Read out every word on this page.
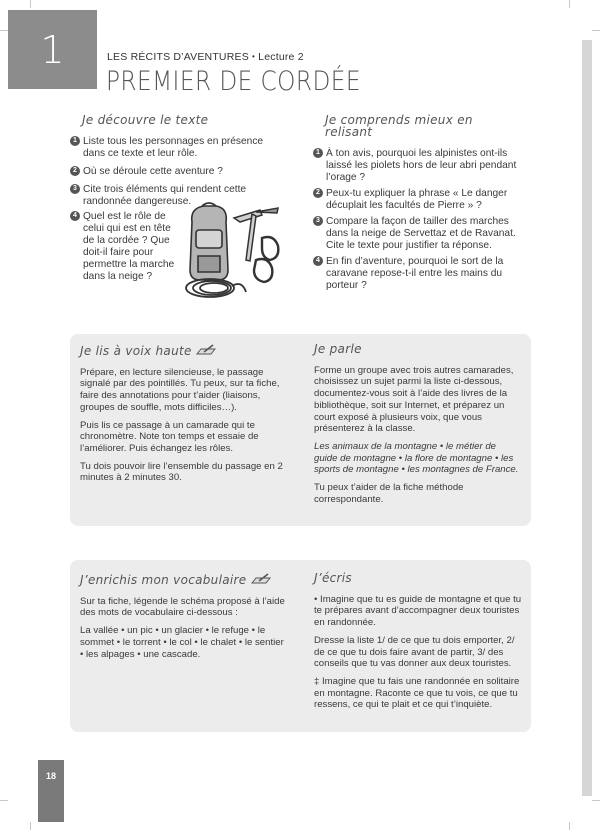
1	LES RÉCITS D’AVENTURES • Lecture 2
PREMIER DE CORDÉE
Je découvre le texte
1 Liste tous les personnages en présence dans ce texte et leur rôle.
2 Où se déroule cette aventure ?
3 Cite trois éléments qui rendent cette randonnée dangereuse.
4 Quel est le rôle de celui qui est en tête de la cordée ? Que doit-il faire pour permettre la marche dans la neige ?
Je comprends mieux en relisant
1 À ton avis, pourquoi les alpinistes ont-ils laissé les piolets hors de leur abri pendant l’orage ?
2 Peux-tu expliquer la phrase « Le danger décuplait les facultés de Pierre » ?
3 Compare la façon de tailler des marches dans la neige de Servettaz et de Ravanat. Cite le texte pour justifier ta réponse.
4 En fin d’aventure, pourquoi le sort de la caravane repose-t-il entre les mains du porteur ?
Je lis à voix haute

Prépare, en lecture silencieuse, le passage signalé par des pointillés. Tu peux, sur ta fiche, faire des annotations pour t’aider (liaisons, groupes de souffle, mots difficiles…).

Puis lis ce passage à un camarade qui te chronomètre. Note ton temps et essaie de l’améliorer. Puis échangez les rôles.

Tu dois pouvoir lire l’ensemble du passage en 2 minutes à 2 minutes 30.

Je parle

Forme un groupe avec trois autres camarades, choisissez un sujet parmi la liste ci-dessous, documentez-vous soit à l’aide des livres de la bibliothèque, soit sur Internet, et préparez un court exposé à plusieurs voix, que vous présenterez à la classe.

Les animaux de la montagne • le métier de guide de montagne • la flore de montagne • les sports de montagne • les montagnes de France.

Tu peux t’aider de la fiche méthode correspondante.

J’enrichis mon vocabulaire

Sur ta fiche, légende le schéma proposé à l’aide des mots de vocabulaire ci-dessous :

La vallée • un pic • un glacier • le refuge • le sommet • le torrent • le col • le chalet • le sentier • les alpages • une cascade.

J’écris

• Imagine que tu es guide de montagne et que tu te prépares avant d’accompagner deux touristes en randonnée.

Dresse la liste 1/ de ce que tu dois emporter, 2/ de ce que tu dois faire avant de partir, 3/ des conseils que tu vas donner aux deux touristes.

‡ Imagine que tu fais une randonnée en solitaire en montagne. Raconte ce que tu vois, ce que tu ressens, ce qui te plait et ce qui t’inquiète.

18
